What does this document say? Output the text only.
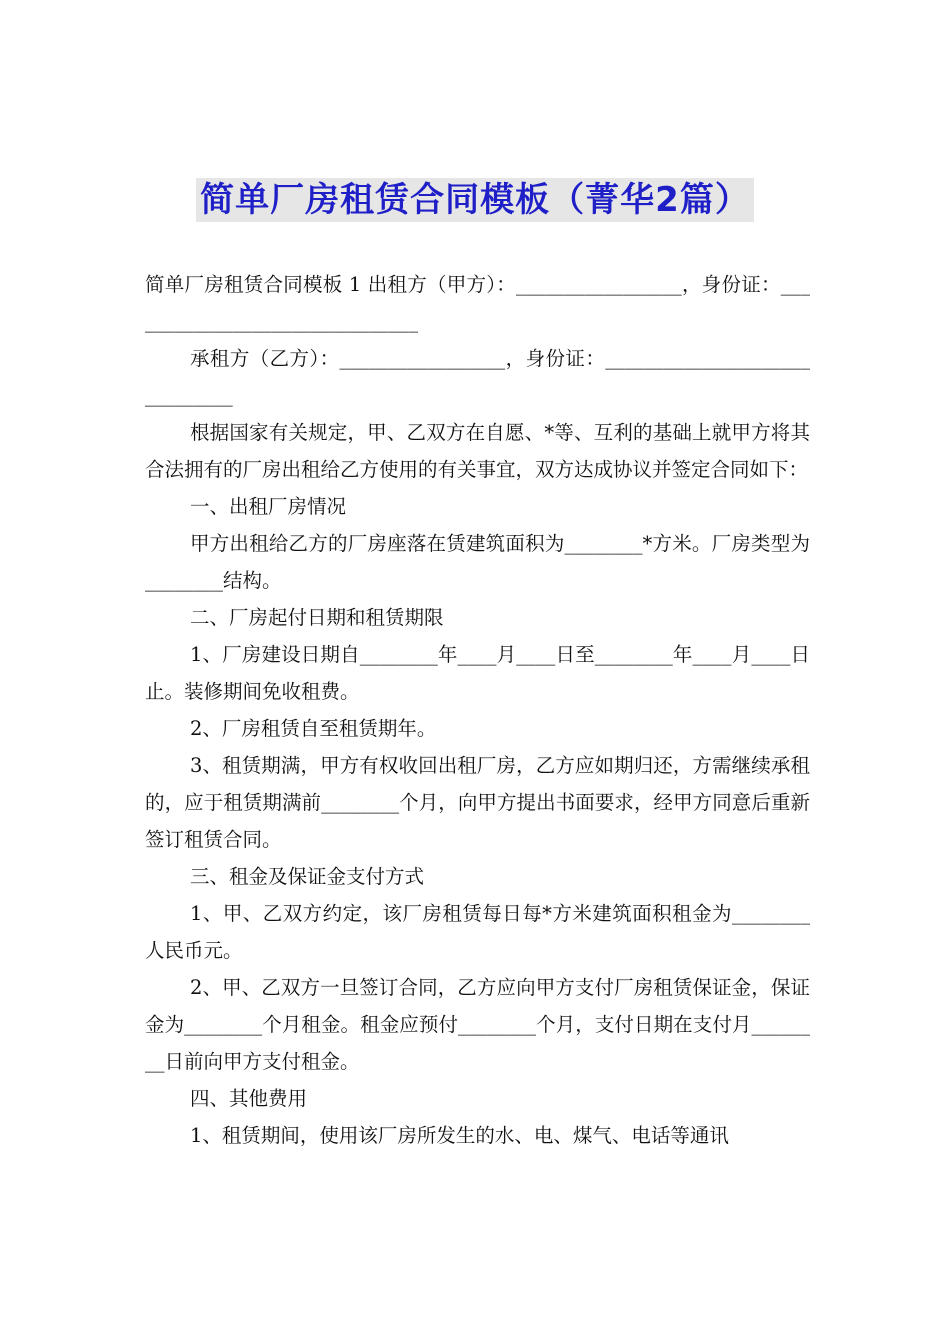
简单厂房租赁合同模板（菁华2篇）

简单厂房租赁合同模板 1 出租方（甲方）：_________________，身份证：_______________________________

承租方（乙方）：_________________，身份证：______________________________

根据国家有关规定，甲、乙双方在自愿、*等、互利的基础上就甲方将其合法拥有的厂房出租给乙方使用的有关事宜，双方达成协议并签定合同如下：

一、出租厂房情况

甲方出租给乙方的厂房座落在赁建筑面积为________*方米。厂房类型为________结构。

二、厂房起付日期和租赁期限

1、厂房建设日期自________年____月____日至________年____月____日止。装修期间免收租费。

2、厂房租赁自至租赁期年。

3、租赁期满，甲方有权收回出租厂房，乙方应如期归还，方需继续承租的，应于租赁期满前________个月，向甲方提出书面要求，经甲方同意后重新签订租赁合同。

三、租金及保证金支付方式

1、甲、乙双方约定，该厂房租赁每日每*方米建筑面积租金为________人民币元。

2、甲、乙双方一旦签订合同，乙方应向甲方支付厂房租赁保证金，保证金为________个月租金。租金应预付________个月，支付日期在支付月________日前向甲方支付租金。

四、其他费用

1、租赁期间，使用该厂房所发生的水、电、煤气、电话等通讯
